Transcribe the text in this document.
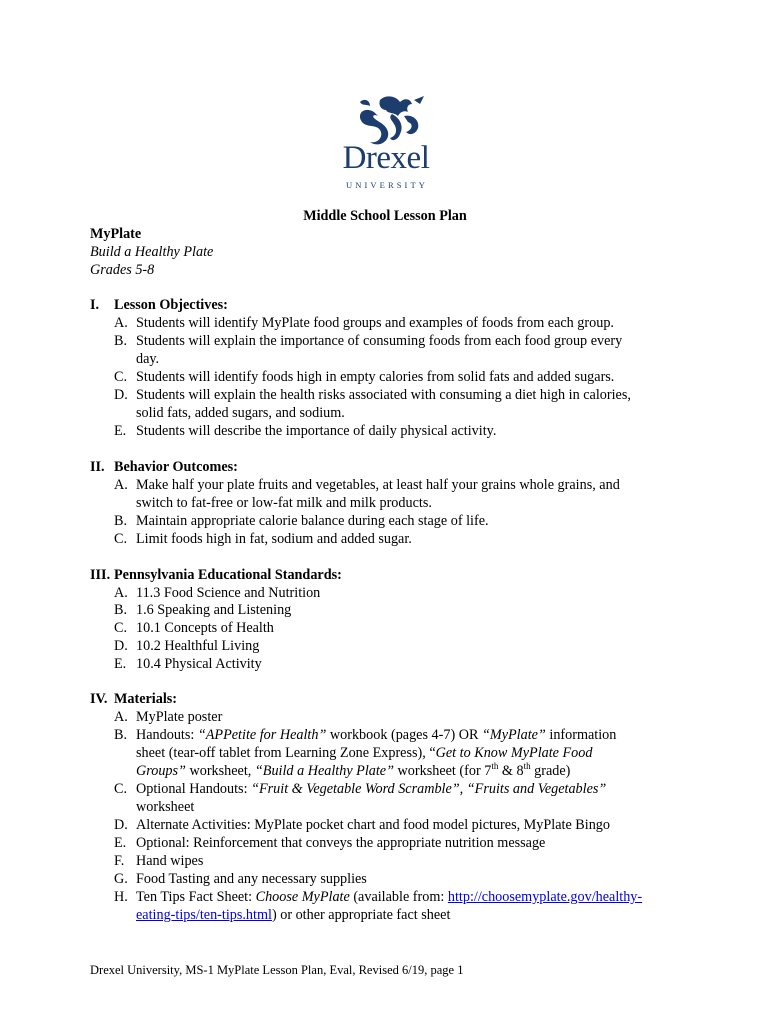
Drexel
UNIVERSITY
Middle School Lesson Plan
MyPlate
Build a Healthy Plate
Grades 5-8
I. Lesson Objectives:
A. Students will identify MyPlate food groups and examples of foods from each group.
B. Students will explain the importance of consuming foods from each food group every
day.
C. Students will identify foods high in empty calories from solid fats and added sugars.
D. Students will explain the health risks associated with consuming a diet high in calories,
solid fats, added sugars, and sodium.
E. Students will describe the importance of daily physical activity.
II. Behavior Outcomes:
A. Make half your plate fruits and vegetables, at least half your grains whole grains, and
switch to fat-free or low-fat milk and milk products.
B. Maintain appropriate calorie balance during each stage of life.
C. Limit foods high in fat, sodium and added sugar.
III. Pennsylvania Educational Standards:
A. 11.3 Food Science and Nutrition
B. 1.6 Speaking and Listening
C. 10.1 Concepts of Health
D. 10.2 Healthful Living
E. 10.4 Physical Activity
IV. Materials:
A. MyPlate poster
B. Handouts: “APPetite for Health” workbook (pages 4-7) OR “MyPlate” information
sheet (tear-off tablet from Learning Zone Express), “Get to Know MyPlate Food
Groups” worksheet, “Build a Healthy Plate” worksheet (for 7th & 8th grade)
C. Optional Handouts: “Fruit & Vegetable Word Scramble”, “Fruits and Vegetables”
worksheet
D. Alternate Activities: MyPlate pocket chart and food model pictures, MyPlate Bingo
E. Optional: Reinforcement that conveys the appropriate nutrition message
F. Hand wipes
G. Food Tasting and any necessary supplies
H. Ten Tips Fact Sheet: Choose MyPlate (available from: http://choosemyplate.gov/healthy-
eating-tips/ten-tips.html) or other appropriate fact sheet
Drexel University, MS-1 MyPlate Lesson Plan, Eval, Revised 6/19, page 1
